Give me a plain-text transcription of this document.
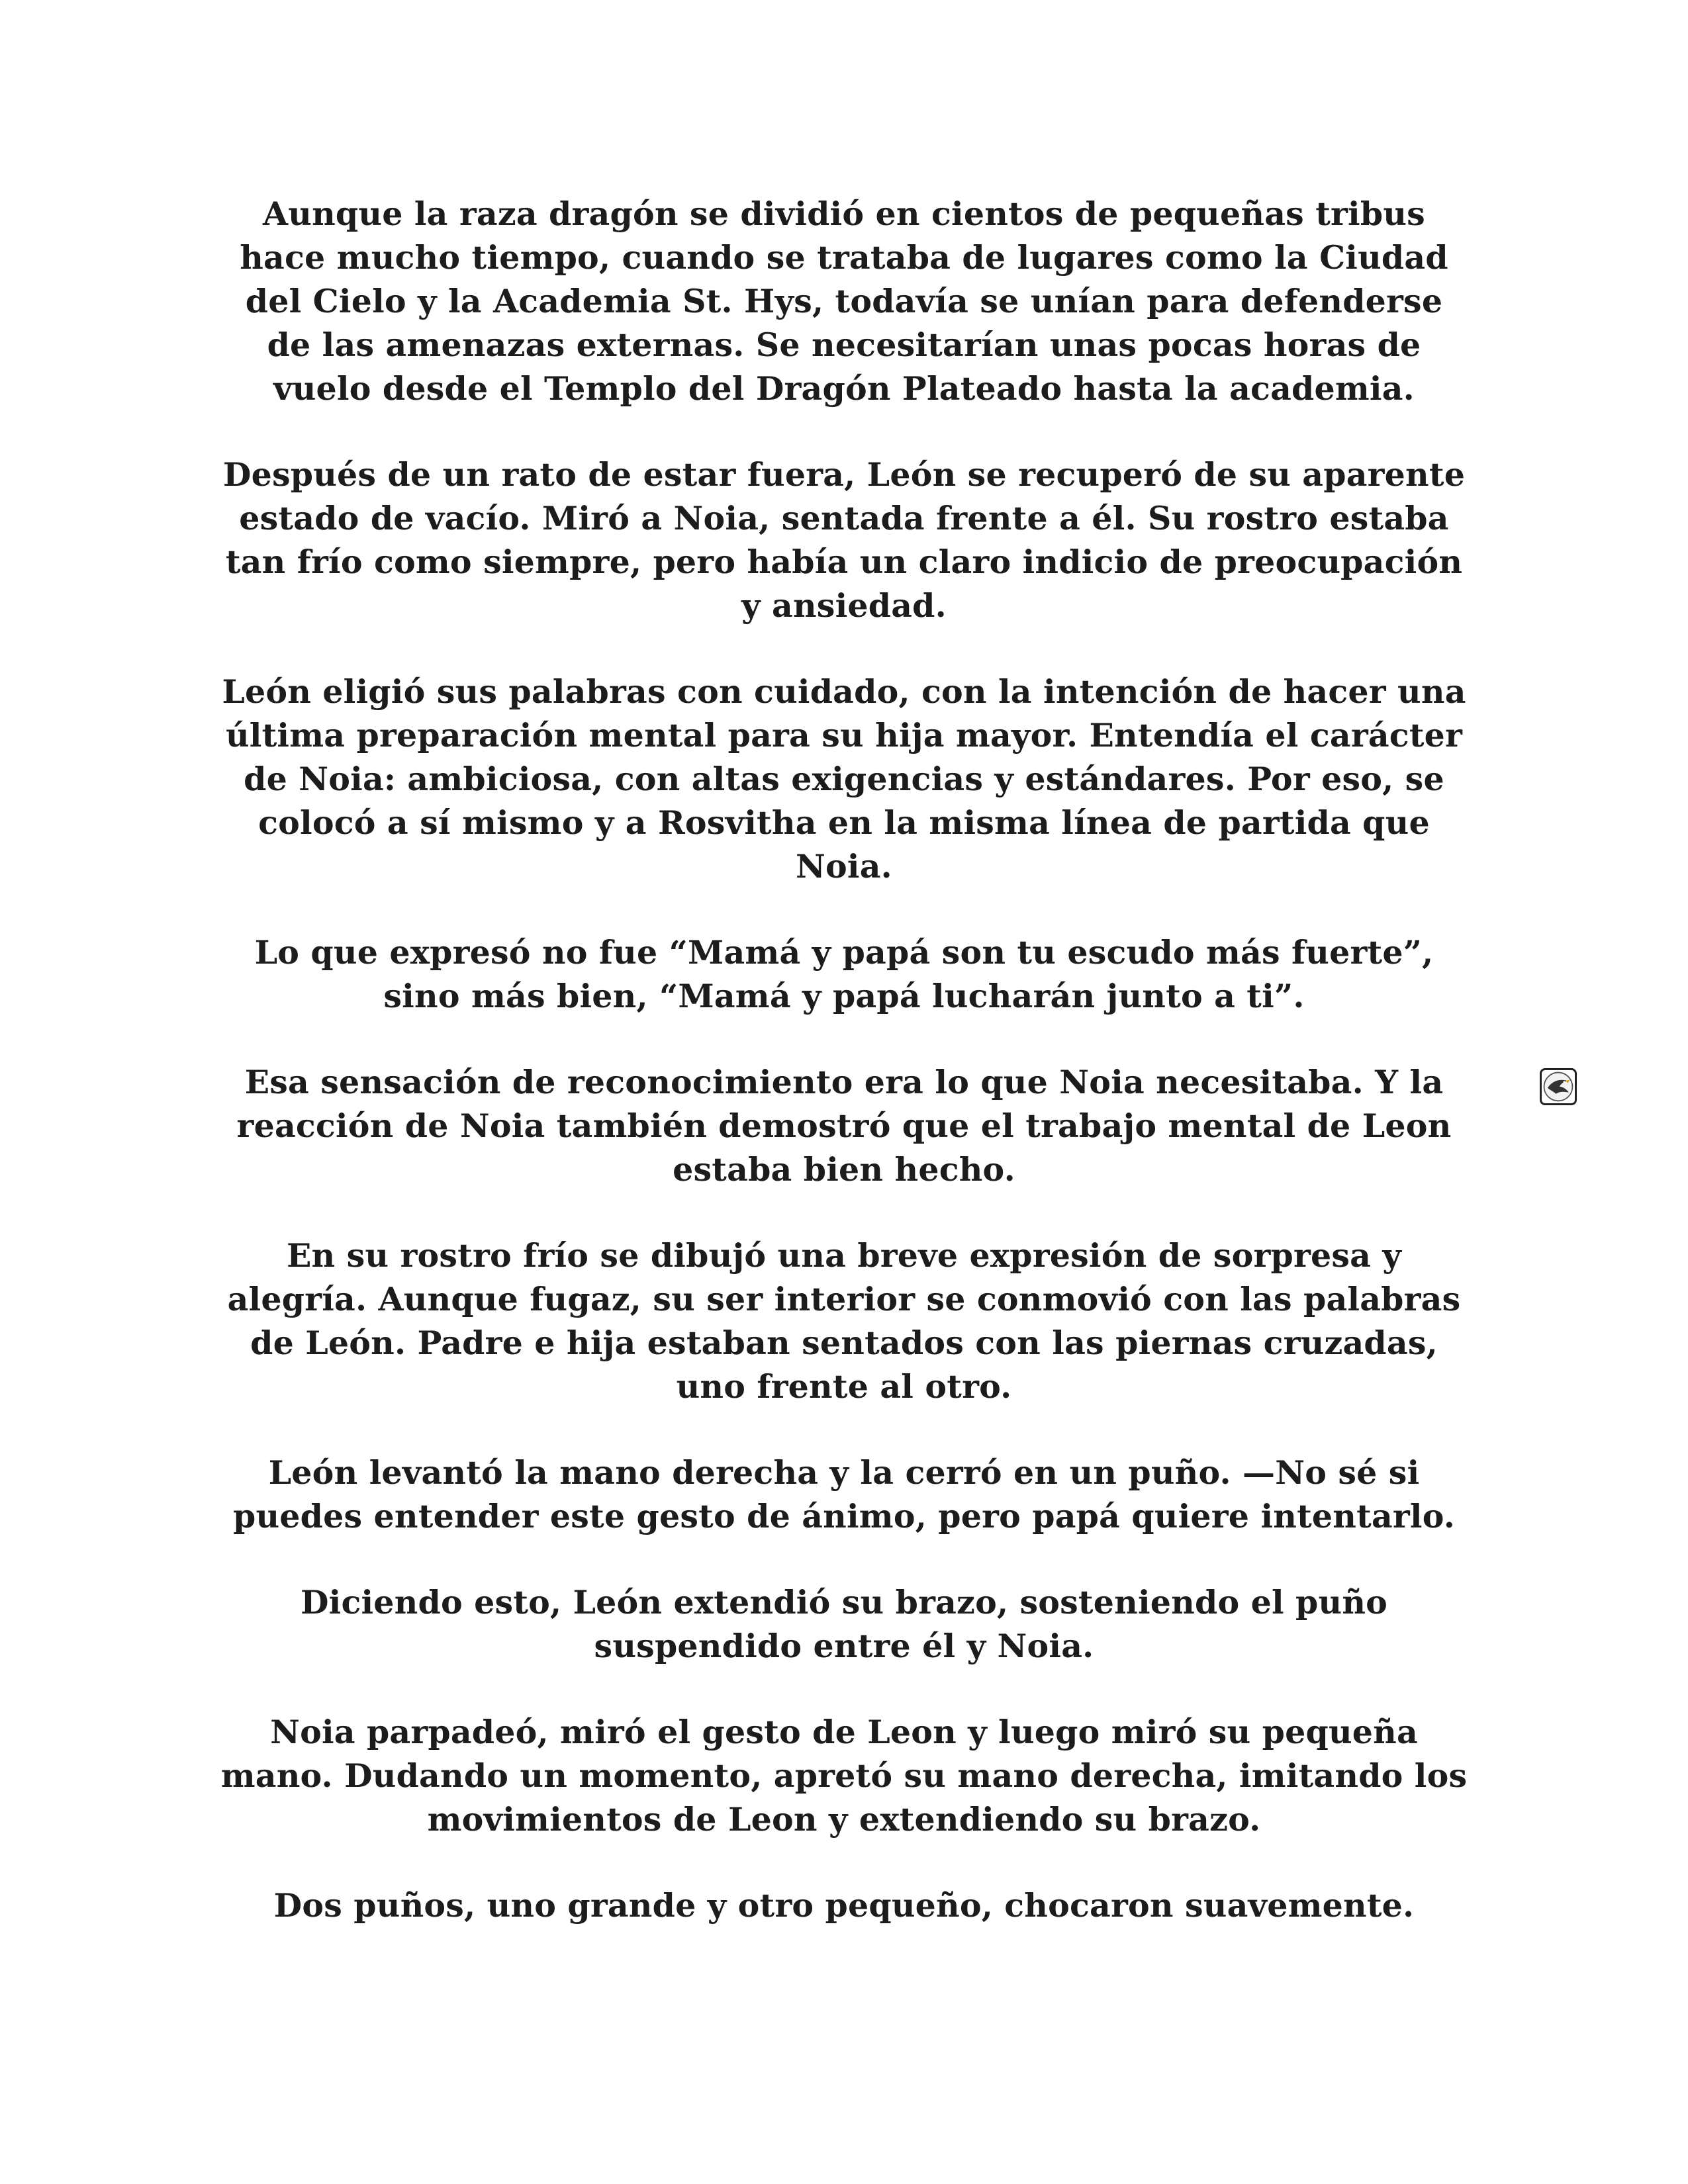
Aunque la raza dragón se dividió en cientos de pequeñas tribus hace mucho tiempo, cuando se trataba de lugares como la Ciudad del Cielo y la Academia St. Hys, todavía se unían para defenderse de las amenazas externas. Se necesitarían unas pocas horas de vuelo desde el Templo del Dragón Plateado hasta la academia.

Después de un rato de estar fuera, León se recuperó de su aparente estado de vacío. Miró a Noia, sentada frente a él. Su rostro estaba tan frío como siempre, pero había un claro indicio de preocupación y ansiedad.

León eligió sus palabras con cuidado, con la intención de hacer una última preparación mental para su hija mayor. Entendía el carácter de Noia: ambiciosa, con altas exigencias y estándares. Por eso, se colocó a sí mismo y a Rosvitha en la misma línea de partida que Noia.

Lo que expresó no fue “Mamá y papá son tu escudo más fuerte”, sino más bien, “Mamá y papá lucharán junto a ti”.

Esa sensación de reconocimiento era lo que Noia necesitaba. Y la reacción de Noia también demostró que el trabajo mental de Leon estaba bien hecho.

En su rostro frío se dibujó una breve expresión de sorpresa y alegría. Aunque fugaz, su ser interior se conmovió con las palabras de León. Padre e hija estaban sentados con las piernas cruzadas, uno frente al otro.

León levantó la mano derecha y la cerró en un puño. —No sé si puedes entender este gesto de ánimo, pero papá quiere intentarlo.

Diciendo esto, León extendió su brazo, sosteniendo el puño suspendido entre él y Noia.

Noia parpadeó, miró el gesto de Leon y luego miró su pequeña mano. Dudando un momento, apretó su mano derecha, imitando los movimientos de Leon y extendiendo su brazo.

Dos puños, uno grande y otro pequeño, chocaron suavemente.
